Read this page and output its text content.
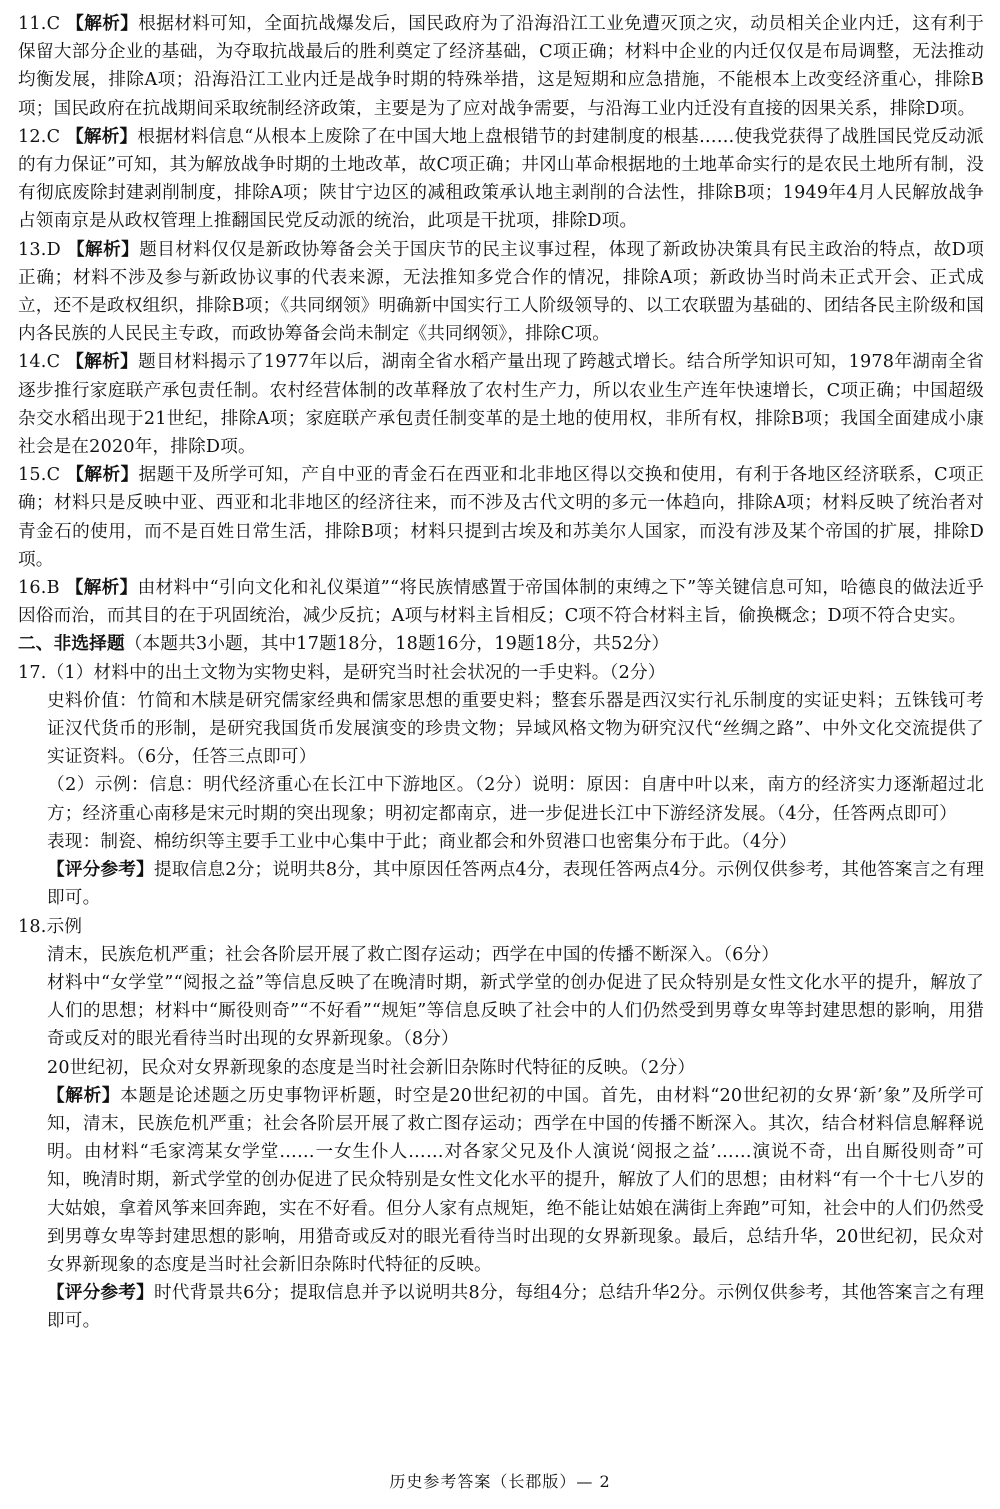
11.C 【解析】根据材料可知，全面抗战爆发后，国民政府为了沿海沿江工业免遭灭顶之灾，动员相关企业内迁，这有利于保留大部分企业的基础，为夺取抗战最后的胜利奠定了经济基础，C项正确；材料中企业的内迁仅仅是布局调整，无法推动均衡发展，排除A项；沿海沿江工业内迁是战争时期的特殊举措，这是短期和应急措施，不能根本上改变经济重心，排除B项；国民政府在抗战期间采取统制经济政策，主要是为了应对战争需要，与沿海工业内迁没有直接的因果关系，排除D项。

12.C 【解析】根据材料信息“从根本上废除了在中国大地上盘根错节的封建制度的根基……使我党获得了战胜国民党反动派的有力保证”可知，其为解放战争时期的土地改革，故C项正确；井冈山革命根据地的土地革命实行的是农民土地所有制，没有彻底废除封建剥削制度，排除A项；陕甘宁边区的减租政策承认地主剥削的合法性，排除B项；1949年4月人民解放战争占领南京是从政权管理上推翻国民党反动派的统治，此项是干扰项，排除D项。

13.D 【解析】题目材料仅仅是新政协筹备会关于国庆节的民主议事过程，体现了新政协决策具有民主政治的特点，故D项正确；材料不涉及参与新政协议事的代表来源，无法推知多党合作的情况，排除A项；新政协当时尚未正式开会、正式成立，还不是政权组织，排除B项；《共同纲领》明确新中国实行工人阶级领导的、以工农联盟为基础的、团结各民主阶级和国内各民族的人民民主专政，而政协筹备会尚未制定《共同纲领》，排除C项。

14.C 【解析】题目材料揭示了1977年以后，湖南全省水稻产量出现了跨越式增长。结合所学知识可知，1978年湖南全省逐步推行家庭联产承包责任制。农村经营体制的改革释放了农村生产力，所以农业生产连年快速增长，C项正确；中国超级杂交水稻出现于21世纪，排除A项；家庭联产承包责任制变革的是土地的使用权，非所有权，排除B项；我国全面建成小康社会是在2020年，排除D项。

15.C 【解析】据题干及所学可知，产自中亚的青金石在西亚和北非地区得以交换和使用，有利于各地区经济联系，C项正确；材料只是反映中亚、西亚和北非地区的经济往来，而不涉及古代文明的多元一体趋向，排除A项；材料反映了统治者对青金石的使用，而不是百姓日常生活，排除B项；材料只提到古埃及和苏美尔人国家，而没有涉及某个帝国的扩展，排除D项。

16.B 【解析】由材料中“引向文化和礼仪渠道”“将民族情感置于帝国体制的束缚之下”等关键信息可知，哈德良的做法近乎因俗而治，而其目的在于巩固统治，减少反抗；A项与材料主旨相反；C项不符合材料主旨，偷换概念；D项不符合史实。

二、非选择题（本题共3小题，其中17题18分，18题16分，19题18分，共52分）

17.（1）材料中的出土文物为实物史料，是研究当时社会状况的一手史料。（2分）

史料价值：竹简和木牍是研究儒家经典和儒家思想的重要史料；整套乐器是西汉实行礼乐制度的实证史料；五铢钱可考证汉代货币的形制，是研究我国货币发展演变的珍贵文物；异域风格文物为研究汉代“丝绸之路”、中外文化交流提供了实证资料。（6分，任答三点即可）

（2）示例：信息：明代经济重心在长江中下游地区。（2分）说明：原因：自唐中叶以来，南方的经济实力逐渐超过北方；经济重心南移是宋元时期的突出现象；明初定都南京，进一步促进长江中下游经济发展。（4分，任答两点即可）

表现：制瓷、棉纺织等主要手工业中心集中于此；商业都会和外贸港口也密集分布于此。（4分）

【评分参考】提取信息2分；说明共8分，其中原因任答两点4分，表现任答两点4分。示例仅供参考，其他答案言之有理即可。

18.示例

清末，民族危机严重；社会各阶层开展了救亡图存运动；西学在中国的传播不断深入。（6分）

材料中“女学堂”“阅报之益”等信息反映了在晚清时期，新式学堂的创办促进了民众特别是女性文化水平的提升，解放了人们的思想；材料中“厮役则奇”“不好看”“规矩”等信息反映了社会中的人们仍然受到男尊女卑等封建思想的影响，用猎奇或反对的眼光看待当时出现的女界新现象。（8分）

20世纪初，民众对女界新现象的态度是当时社会新旧杂陈时代特征的反映。（2分）

【解析】本题是论述题之历史事物评析题，时空是20世纪初的中国。首先，由材料“20世纪初的女界‘新’象”及所学可知，清末，民族危机严重；社会各阶层开展了救亡图存运动；西学在中国的传播不断深入。其次，结合材料信息解释说明。由材料“毛家湾某女学堂……一女生仆人……对各家父兄及仆人演说‘阅报之益’……演说不奇，出自厮役则奇”可知，晚清时期，新式学堂的创办促进了民众特别是女性文化水平的提升，解放了人们的思想；由材料“有一个十七八岁的大姑娘，拿着风筝来回奔跑，实在不好看。但分人家有点规矩，绝不能让姑娘在满街上奔跑”可知，社会中的人们仍然受到男尊女卑等封建思想的影响，用猎奇或反对的眼光看待当时出现的女界新现象。最后，总结升华，20世纪初，民众对女界新现象的态度是当时社会新旧杂陈时代特征的反映。

【评分参考】时代背景共6分；提取信息并予以说明共8分，每组4分；总结升华2分。示例仅供参考，其他答案言之有理即可。

历史参考答案（长郡版）— 2
